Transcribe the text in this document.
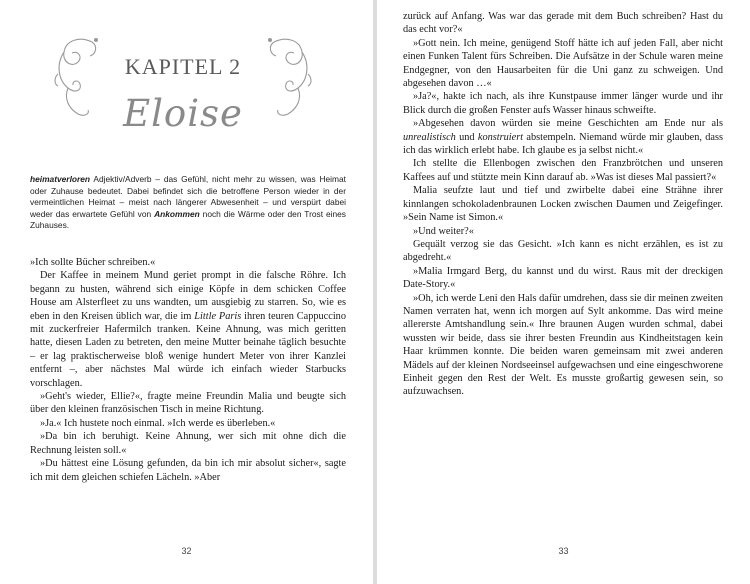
KAPITEL 2
Eloise
heimatverloren Adjektiv/Adverb – das Gefühl, nicht mehr zu wissen, was Heimat oder Zuhause bedeutet. Dabei befindet sich die betroffene Person wieder in der vermeintlichen Heimat – meist nach längerer Abwesenheit – und verspürt dabei weder das erwartete Gefühl von Ankommen noch die Wärme oder den Trost eines Zuhauses.

»Ich sollte Bücher schreiben.«

Der Kaffee in meinem Mund geriet prompt in die falsche Röhre. Ich begann zu husten, während sich einige Köpfe in dem schicken Coffee House am Alsterfleet zu uns wandten, um ausgiebig zu starren. So, wie es eben in den Kreisen üblich war, die im Little Paris ihren teuren Cappuccino mit zuckerfreier Hafermilch tranken. Keine Ahnung, was mich geritten hatte, diesen Laden zu betreten, den meine Mutter beinahe täglich besuchte – er lag praktischerweise bloß wenige hundert Meter von ihrer Kanzlei entfernt –, aber nächstes Mal würde ich einfach wieder Starbucks vorschlagen.

»Geht's wieder, Ellie?«, fragte meine Freundin Malia und beugte sich über den kleinen französischen Tisch in meine Richtung.

»Ja.« Ich hustete noch einmal. »Ich werde es überleben.«

»Da bin ich beruhigt. Keine Ahnung, wer sich mit ohne dich die Rechnung leisten soll.«

»Du hättest eine Lösung gefunden, da bin ich mir absolut sicher«, sagte ich mit dem gleichen schiefen Lächeln. »Aber

32

zurück auf Anfang. Was war das gerade mit dem Buch schreiben? Hast du das echt vor?«

»Gott nein. Ich meine, genügend Stoff hätte ich auf jeden Fall, aber nicht einen Funken Talent fürs Schreiben. Die Aufsätze in der Schule waren meine Endgegner, von den Hausarbeiten für die Uni ganz zu schweigen. Und abgesehen davon …«

»Ja?«, hakte ich nach, als ihre Kunstpause immer länger wurde und ihr Blick durch die großen Fenster aufs Wasser hinaus schweifte.

»Abgesehen davon würden sie meine Geschichten am Ende nur als unrealistisch und konstruiert abstempeln. Niemand würde mir glauben, dass ich das wirklich erlebt habe. Ich glaube es ja selbst nicht.«

Ich stellte die Ellenbogen zwischen den Franzbrötchen und unseren Kaffees auf und stützte mein Kinn darauf ab. »Was ist dieses Mal passiert?«

Malia seufzte laut und tief und zwirbelte dabei eine Strähne ihrer kinnlangen schokoladenbraunen Locken zwischen Daumen und Zeigefinger. »Sein Name ist Simon.«

»Und weiter?«

Gequält verzog sie das Gesicht. »Ich kann es nicht erzählen, es ist zu abgedreht.«

»Malia Irmgard Berg, du kannst und du wirst. Raus mit der dreckigen Date-Story.«

»Oh, ich werde Leni den Hals dafür umdrehen, dass sie dir meinen zweiten Namen verraten hat, wenn ich morgen auf Sylt ankomme. Das wird meine allererste Amtshandlung sein.« Ihre braunen Augen wurden schmal, dabei wussten wir beide, dass sie ihrer besten Freundin aus Kindheitstagen kein Haar krümmen konnte. Die beiden waren gemeinsam mit zwei anderen Mädels auf der kleinen Nordseeinsel aufgewachsen und eine eingeschworene Einheit gegen den Rest der Welt. Es musste großartig gewesen sein, so aufzuwachsen.

33
